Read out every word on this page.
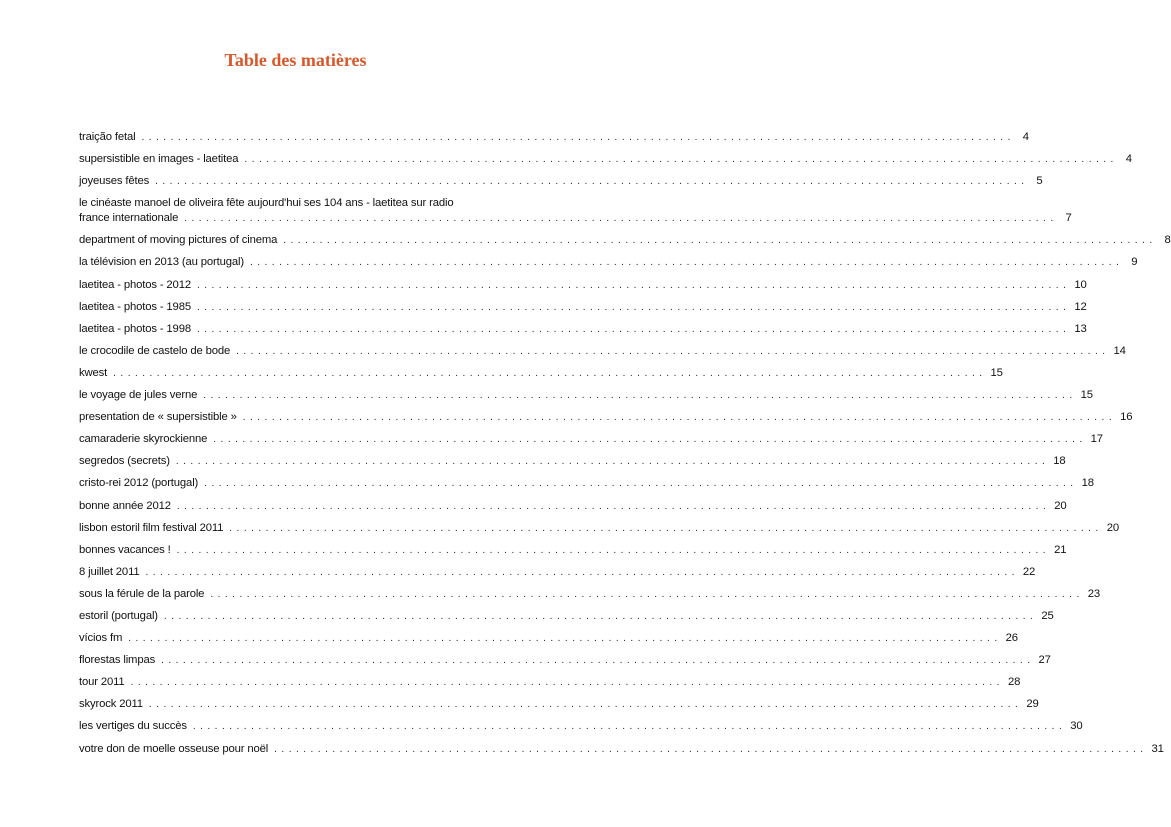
Table des matières
traição fetal ........................................................................................................................ 4
supersistible en images - laetitea ........................................................................................................................ 4
joyeuses fêtes ........................................................................................................................ 5
le cinéaste manoel de oliveira fête aujourd'hui ses 104 ans - laetitea sur radio
france internationale ........................................................................................................................ 7
department of moving pictures of cinema ........................................................................................................................ 8
la télévision en 2013 (au portugal) ........................................................................................................................ 9
laetitea - photos - 2012 ........................................................................................................................ 10
laetitea - photos - 1985 ........................................................................................................................ 12
laetitea - photos - 1998 ........................................................................................................................ 13
le crocodile de castelo de bode ........................................................................................................................ 14
kwest ........................................................................................................................ 15
le voyage de jules verne ........................................................................................................................ 15
presentation de « supersistible » ........................................................................................................................ 16
camaraderie skyrockienne ........................................................................................................................ 17
segredos (secrets) ........................................................................................................................ 18
cristo-rei 2012 (portugal) ........................................................................................................................ 18
bonne année 2012 ........................................................................................................................ 20
lisbon estoril film festival 2011 ........................................................................................................................ 20
bonnes vacances ! ........................................................................................................................ 21
8 juillet 2011 ........................................................................................................................ 22
sous la férule de la parole ........................................................................................................................ 23
estoril (portugal) ........................................................................................................................ 25
vícios fm ........................................................................................................................ 26
florestas limpas ........................................................................................................................ 27
tour 2011 ........................................................................................................................ 28
skyrock 2011 ........................................................................................................................ 29
les vertiges du succès ........................................................................................................................ 30
votre don de moelle osseuse pour noël ........................................................................................................................ 31
